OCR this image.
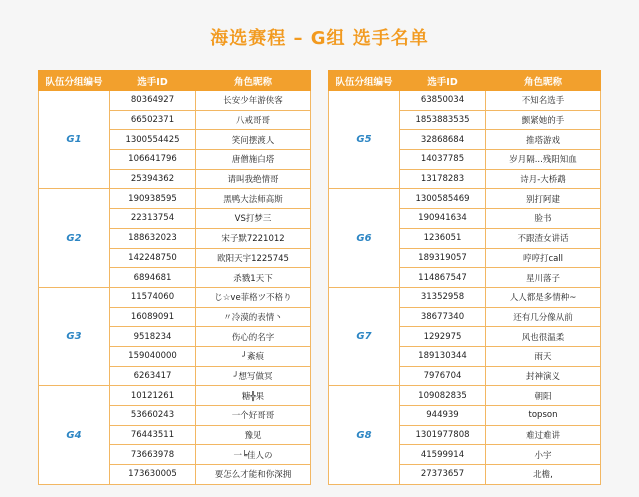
海选赛程 – G组 选手名单
队伍分组编号	选手ID	角色昵称
G1	80364927	长安少年游侠客
	66502371	八戒哥哥
	1300554425	笑问摆渡人
	106641796	唐僧施白塔
	25394362	请叫我绝情哥
G2	190938595	黑鸭大法师高斯
	22313754	VS打梦三
	188632023	宋子默7221012
	142248750	欧阳天宇1225745
	6894681	杀戮1天下
G3	11574060	じ☆ve菲格ツ不格り
	16089091	〃冷漠的表情丶
	9518234	伤心的名字
	159040000	╯紊痕
	6263417	╯想写做冥
G4	10121261	糖╬果
	53660243	一个好哥哥
	76443511	豫见
	73663978	一╘佳人の
	173630005	要怎么才能和你深拥
队伍分组编号	选手ID	角色昵称
G5	63850034	不知名选手
	1853883535	颤紧她的手
	32868684	推塔游戏
	14037785	岁月隔...残阳知血
	13178283	诗月-大桥鹉
G6	1300585469	别打阿建
	190941634	脸书
	1236051	不跟渣女讲话
	189319057	哼哼打call
	114867547	星川落子
G7	31352958	人人都是多情种~
	38677340	还有几分像从前
	1292975	风也很温柔
	189130344	雨天
	7976704	封神演义
G8	109082835	朝阳
	944939	topson
	1301977808	难过难讲
	41599914	小宇
	27373657	北檐,
